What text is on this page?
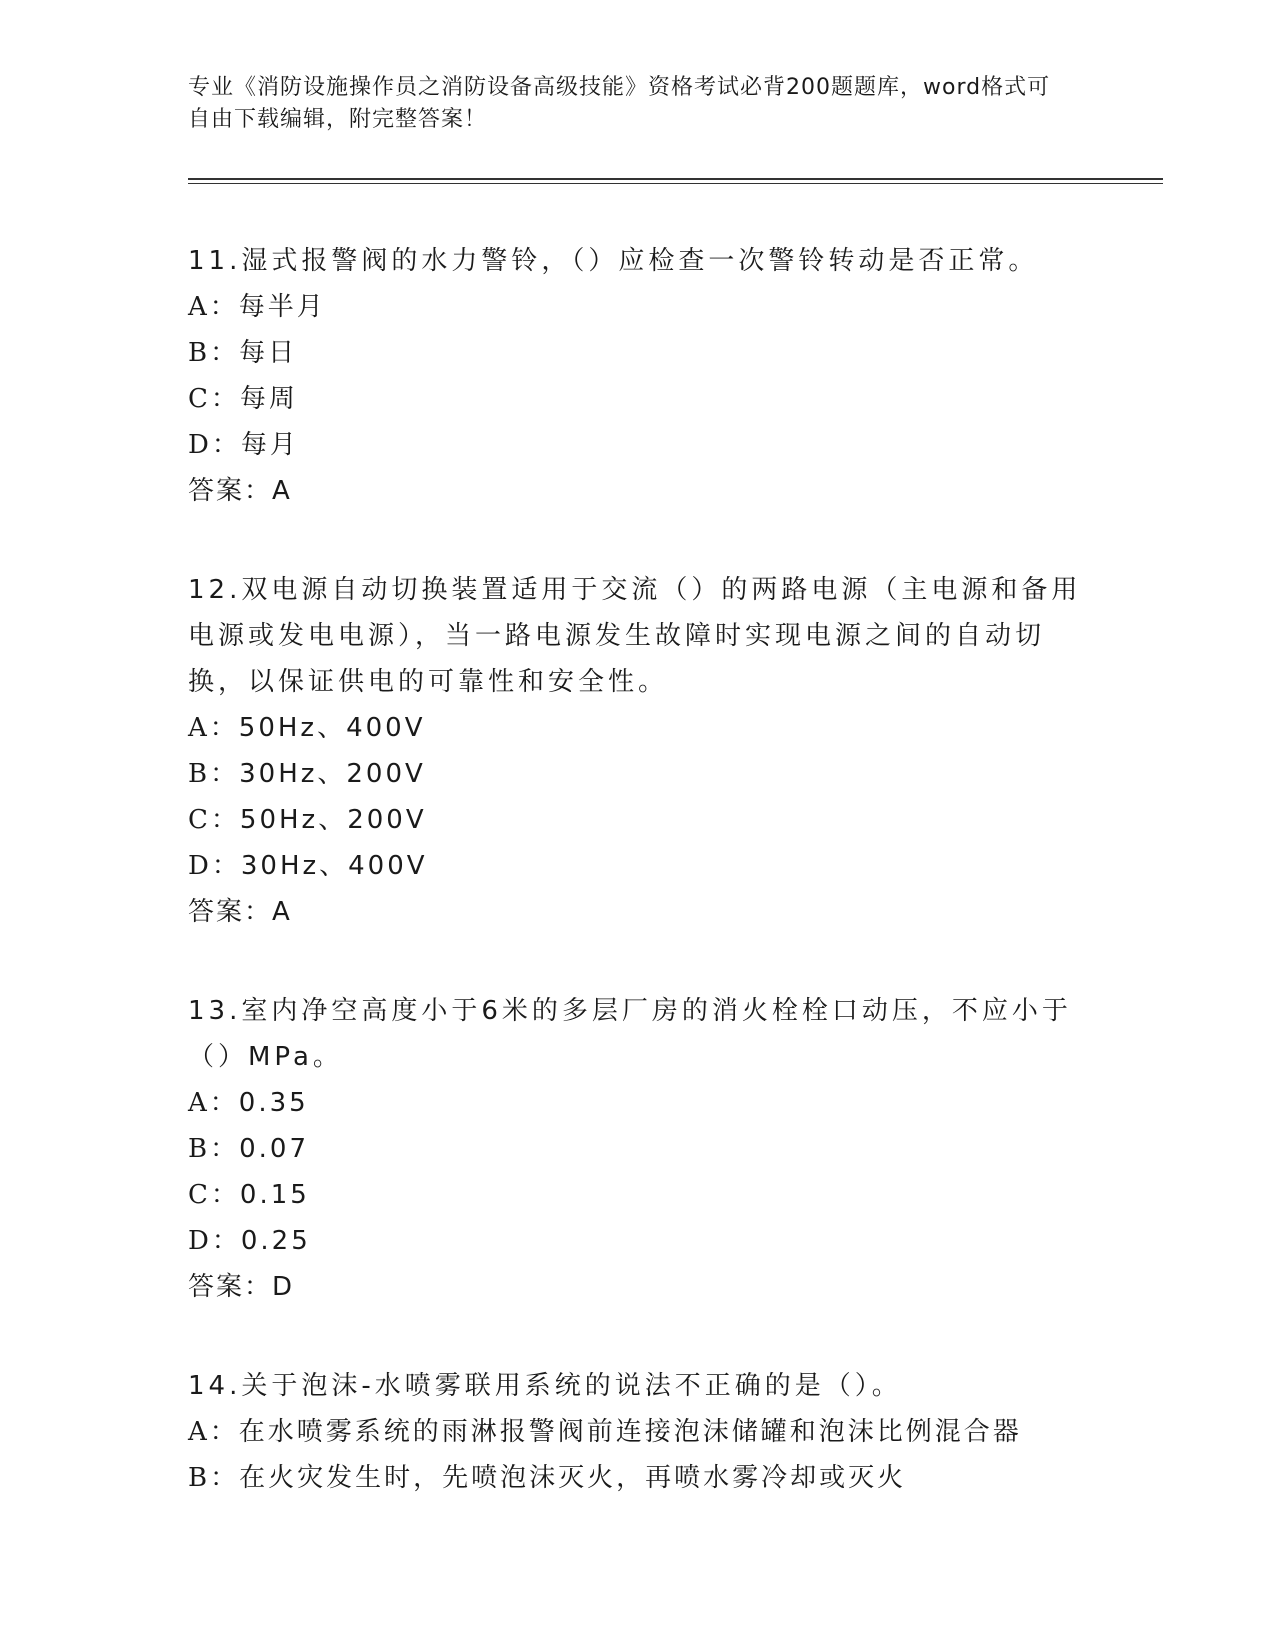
专业《消防设施操作员之消防设备高级技能》资格考试必背200题题库，word格式可自由下载编辑，附完整答案！
11.湿式报警阀的水力警铃，（）应检查一次警铃转动是否正常。
A：每半月
B：每日
C：每周
D：每月
答案：A
12.双电源自动切换装置适用于交流（）的两路电源（主电源和备用电源或发电电源），当一路电源发生故障时实现电源之间的自动切换，以保证供电的可靠性和安全性。
A：50Hz、400V
B：30Hz、200V
C：50Hz、200V
D：30Hz、400V
答案：A
13.室内净空高度小于6米的多层厂房的消火栓栓口动压，不应小于（）MPa。
A：0.35
B：0.07
C：0.15
D：0.25
答案：D
14.关于泡沫-水喷雾联用系统的说法不正确的是（）。
A：在水喷雾系统的雨淋报警阀前连接泡沫储罐和泡沫比例混合器
B：在火灾发生时，先喷泡沫灭火，再喷水雾冷却或灭火
